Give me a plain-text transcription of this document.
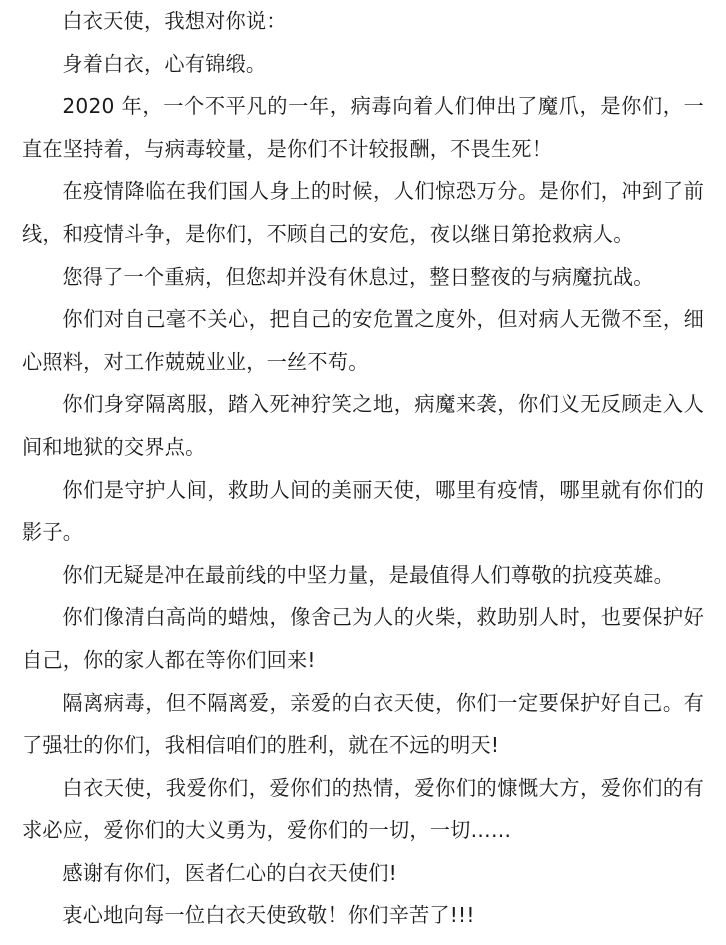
白衣天使，我想对你说：

身着白衣，心有锦缎。

2020 年，一个不平凡的一年，病毒向着人们伸出了魔爪，是你们，一直在坚持着，与病毒较量，是你们不计较报酬，不畏生死！

在疫情降临在我们国人身上的时候，人们惊恐万分。是你们，冲到了前线，和疫情斗争，是你们，不顾自己的安危，夜以继日第抢救病人。

您得了一个重病，但您却并没有休息过，整日整夜的与病魔抗战。

你们对自己毫不关心，把自己的安危置之度外，但对病人无微不至，细心照料，对工作兢兢业业，一丝不苟。

你们身穿隔离服，踏入死神狞笑之地，病魔来袭，你们义无反顾走入人间和地狱的交界点。

你们是守护人间，救助人间的美丽天使，哪里有疫情，哪里就有你们的影子。

你们无疑是冲在最前线的中坚力量，是最值得人们尊敬的抗疫英雄。

你们像清白高尚的蜡烛，像舍己为人的火柴，救助别人时，也要保护好自己，你的家人都在等你们回来!

隔离病毒，但不隔离爱，亲爱的白衣天使，你们一定要保护好自己。有了强壮的你们，我相信咱们的胜利，就在不远的明天!

白衣天使，我爱你们，爱你们的热情，爱你们的慷慨大方，爱你们的有求必应，爱你们的大义勇为，爱你们的一切，一切……

感谢有你们，医者仁心的白衣天使们!

衷心地向每一位白衣天使致敬！你们辛苦了!!!
